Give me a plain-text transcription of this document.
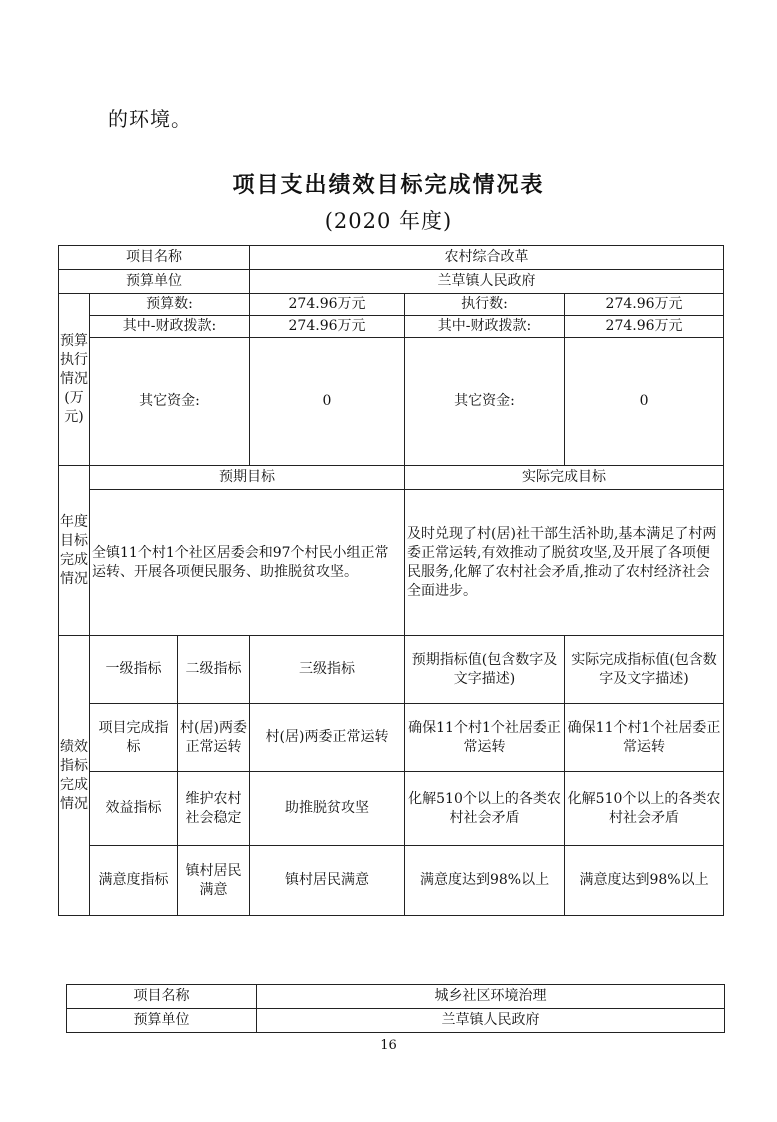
的环境。
项目支出绩效目标完成情况表
(2020 年度)
项目名称			农村综合改革		
预算单位			兰草镇人民政府		
预算执行情况(万元)	预算数:		274.96万元	执行数:	274.96万元
	其中-财政拨款:		274.96万元	其中-财政拨款:	274.96万元
	其它资金:		0	其它资金:	0
年度目标完成情况	预期目标			实际完成目标	
	全镇11个村1个社区居委会和97个村民小组正常运转、开展各项便民服务、助推脱贫攻坚。			及时兑现了村(居)社干部生活补助,基本满足了村两委正常运转,有效推动了脱贫攻坚,及开展了各项便民服务,化解了农村社会矛盾,推动了农村经济社会全面进步。	
绩效指标完成情况	一级指标	二级指标	三级指标	预期指标值(包含数字及文字描述)	实际完成指标值(包含数字及文字描述)
	项目完成指标	村(居)两委正常运转	村(居)两委正常运转	确保11个村1个社居委正常运转	确保11个村1个社居委正常运转
	效益指标	维护农村社会稳定	助推脱贫攻坚	化解510个以上的各类农村社会矛盾	化解510个以上的各类农村社会矛盾
	满意度指标	镇村居民满意	镇村居民满意	满意度达到98%以上	满意度达到98%以上
项目名称	城乡社区环境治理
预算单位	兰草镇人民政府
16
